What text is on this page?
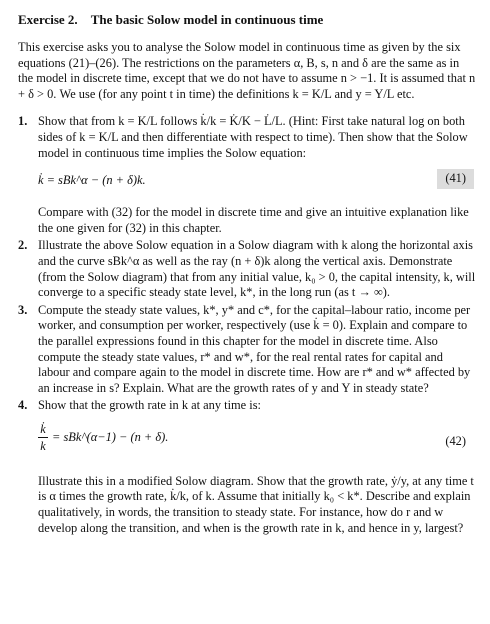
Exercise 2. The basic Solow model in continuous time

This exercise asks you to analyse the Solow model in continuous time as given by the six equations (21)–(26). The restrictions on the parameters α, B, s, n and δ are the same as in the model in discrete time, except that we do not have to assume n > −1. It is assumed that n + δ > 0. We use (for any point t in time) the definitions k = K/L and y = Y/L etc.

1. Show that from k = K/L follows k̇/k = K̇/K − L̇/L. (Hint: First take natural log on both sides of k = K/L and then differentiate with respect to time). Then show that the Solow model in continuous time implies the Solow equation:
k̇ = sBk^α − (n + δ)k.	(41)
Compare with (32) for the model in discrete time and give an intuitive explanation like the one given for (32) in this chapter.
2. Illustrate the above Solow equation in a Solow diagram with k along the horizontal axis and the curve sBk^α as well as the ray (n + δ)k along the vertical axis. Demonstrate (from the Solow diagram) that from any initial value, k₀ > 0, the capital intensity, k, will converge to a specific steady state level, k*, in the long run (as t → ∞).
3. Compute the steady state values, k*, y* and c*, for the capital–labour ratio, income per worker, and consumption per worker, respectively (use k̇ = 0). Explain and compare to the parallel expressions found in this chapter for the model in discrete time. Also compute the steady state values, r* and w*, for the real rental rates for capital and labour and compare again to the model in discrete time. How are r* and w* affected by an increase in s? Explain. What are the growth rates of y and Y in steady state?
4. Show that the growth rate in k at any time is:
$\frac{k̇}{k}$ = sBk^(α−1) − (n + δ).	(42)
Illustrate this in a modified Solow diagram. Show that the growth rate, ẏ/y, at any time t is α times the growth rate, k̇/k, of k. Assume that initially k₀ < k*. Describe and explain qualitatively, in words, the transition to steady state. For instance, how do r and w develop along the transition, and when is the growth rate in k, and hence in y, largest?
